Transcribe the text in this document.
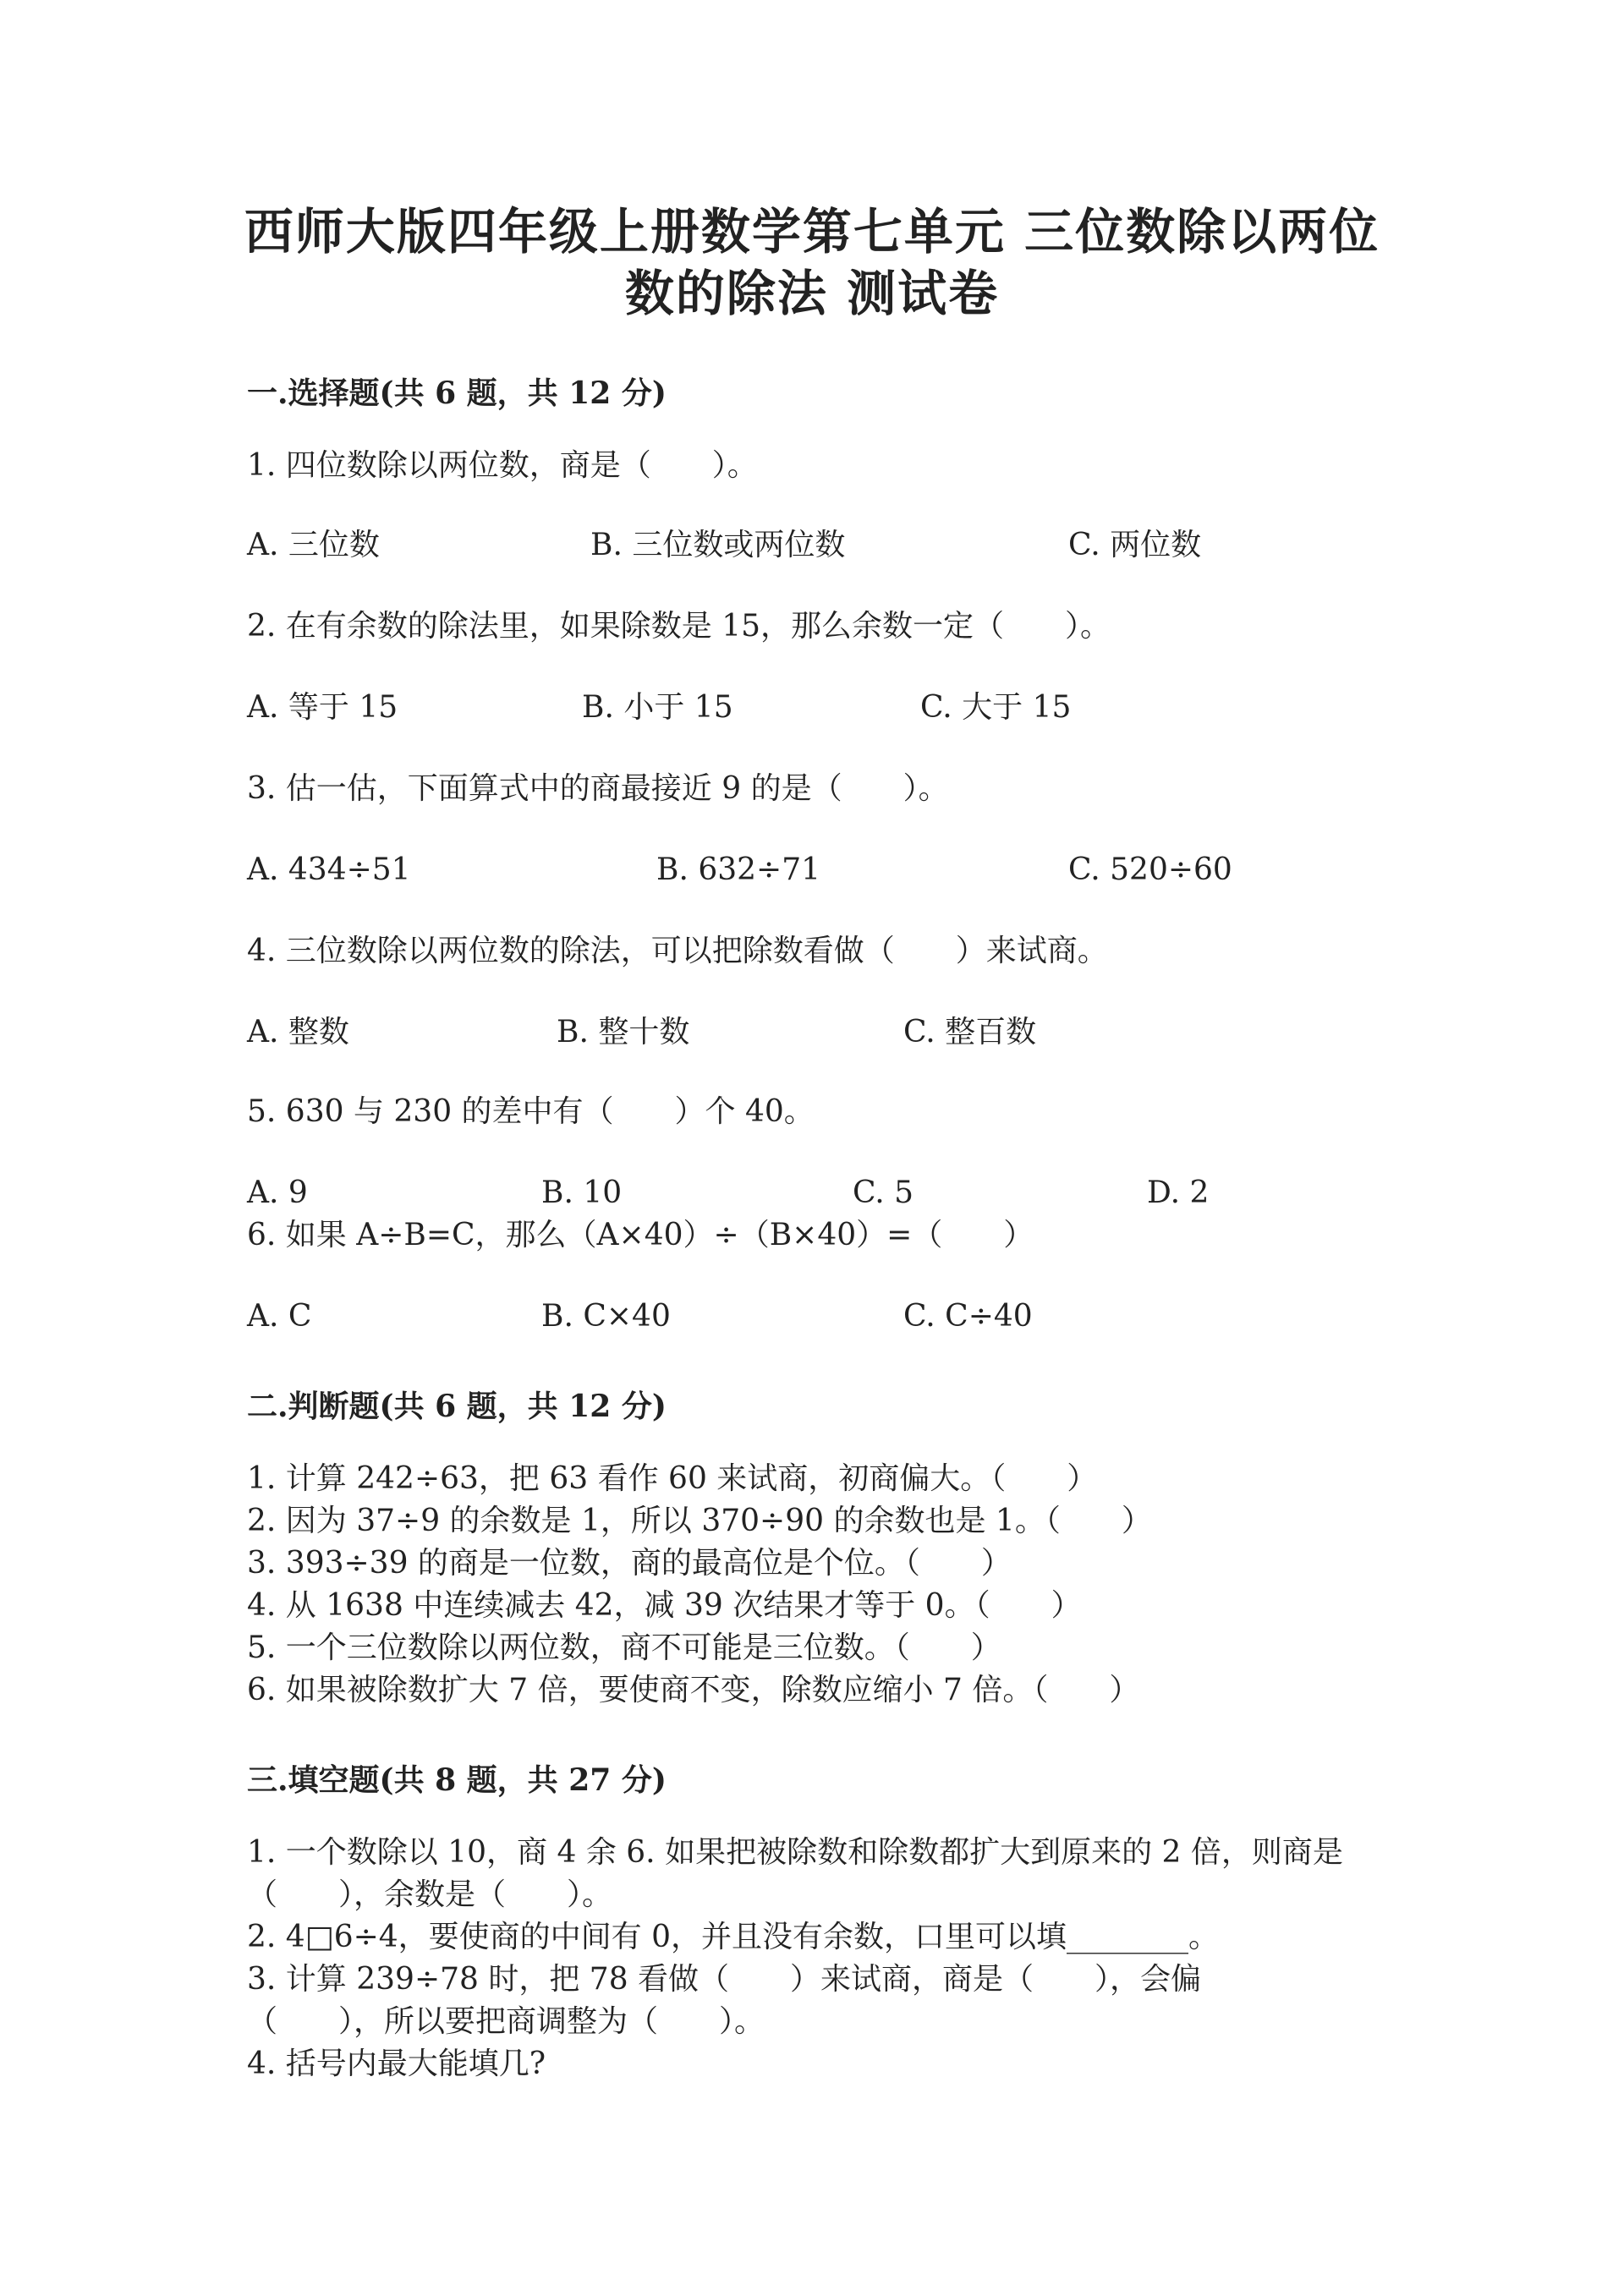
西师大版四年级上册数学第七单元 三位数除以两位
数的除法 测试卷
一.选择题(共 6 题，共 12 分)
1. 四位数除以两位数，商是（　　）。
A. 三位数	B. 三位数或两位数	C. 两位数
2. 在有余数的除法里，如果除数是 15，那么余数一定（　　）。
A. 等于 15	B. 小于 15	C. 大于 15
3. 估一估，下面算式中的商最接近 9 的是（　　）。
A. 434÷51	B. 632÷71	C. 520÷60
4. 三位数除以两位数的除法，可以把除数看做（　　）来试商。
A. 整数	B. 整十数	C. 整百数
5. 630 与 230 的差中有（　　）个 40。
A. 9	B. 10	C. 5	D. 2
6. 如果 A÷B=C，那么（A×40）÷（B×40）=（　　）
A. C	B. C×40	C. C÷40
二.判断题(共 6 题，共 12 分)
1. 计算 242÷63，把 63 看作 60 来试商，初商偏大。（　　）
2. 因为 37÷9 的余数是 1，所以 370÷90 的余数也是 1。（　　）
3. 393÷39 的商是一位数，商的最高位是个位。（　　）
4. 从 1638 中连续减去 42，减 39 次结果才等于 0。（　　）
5. 一个三位数除以两位数，商不可能是三位数。（　　）
6. 如果被除数扩大 7 倍，要使商不变，除数应缩小 7 倍。（　　）
三.填空题(共 8 题，共 27 分)
1. 一个数除以 10，商 4 余 6. 如果把被除数和除数都扩大到原来的 2 倍，则商是
（　　），余数是（　　）。
2. 4□6÷4，要使商的中间有 0，并且没有余数，口里可以填________。
3. 计算 239÷78 时，把 78 看做（　　）来试商，商是（　　），会偏
（　　），所以要把商调整为（　　）。
4. 括号内最大能填几?
